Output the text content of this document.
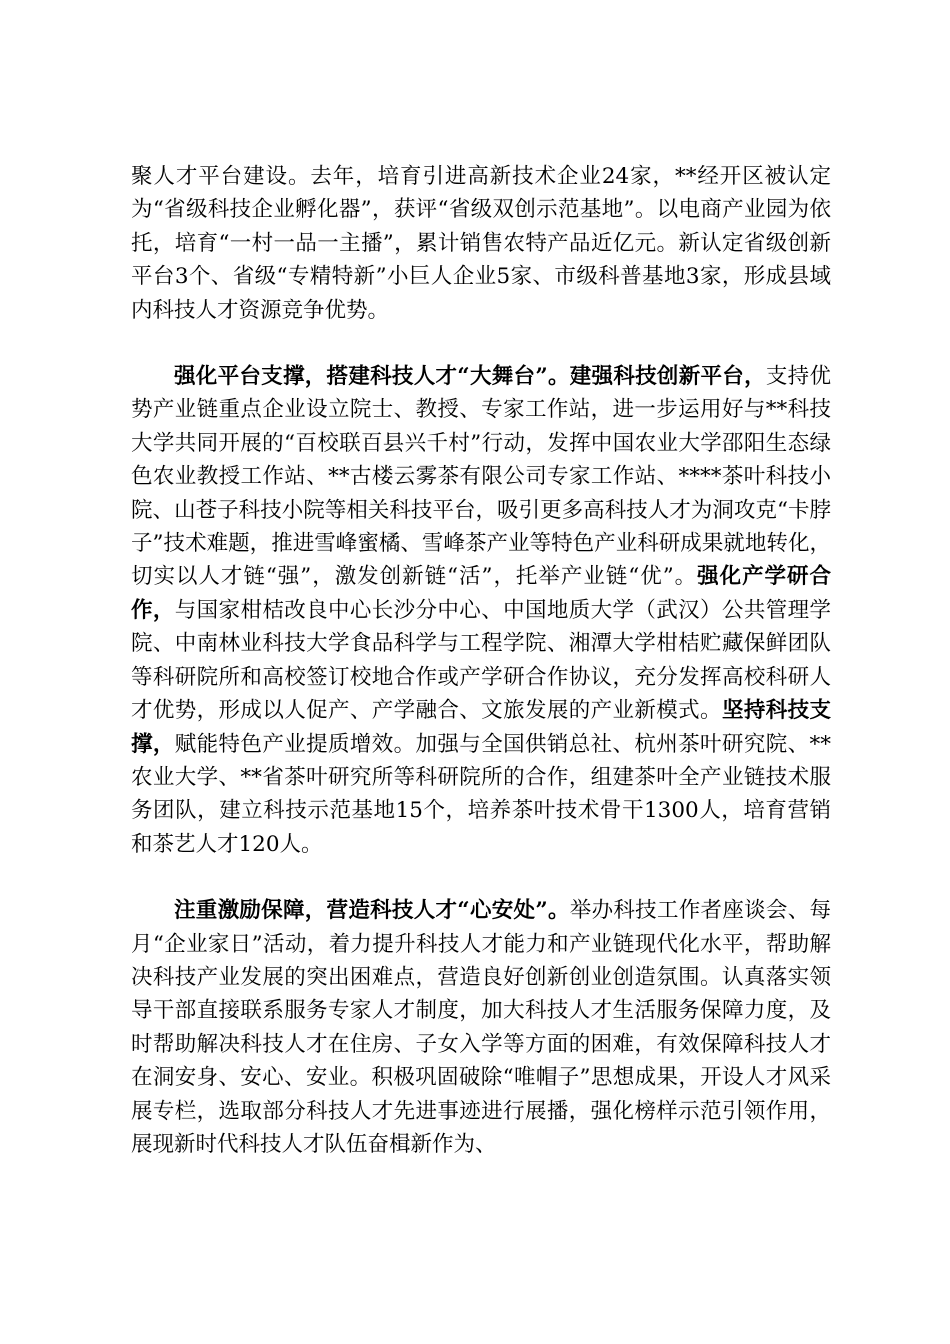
聚人才平台建设。去年，培育引进高新技术企业24家，**经开区被认定为“省级科技企业孵化器”，获评“省级双创示范基地”。以电商产业园为依托，培育“一村一品一主播”，累计销售农特产品近亿元。新认定省级创新平台3个、省级“专精特新”小巨人企业5家、市级科普基地3家，形成县域内科技人才资源竞争优势。

强化平台支撑，搭建科技人才“大舞台”。建强科技创新平台，支持优势产业链重点企业设立院士、教授、专家工作站，进一步运用好与**科技大学共同开展的“百校联百县兴千村”行动，发挥中国农业大学邵阳生态绿色农业教授工作站、**古楼云雾茶有限公司专家工作站、****茶叶科技小院、山苍子科技小院等相关科技平台，吸引更多高科技人才为洞攻克“卡脖子”技术难题，推进雪峰蜜橘、雪峰茶产业等特色产业科研成果就地转化，切实以人才链“强”，激发创新链“活”，托举产业链“优”。强化产学研合作，与国家柑桔改良中心长沙分中心、中国地质大学（武汉）公共管理学院、中南林业科技大学食品科学与工程学院、湘潭大学柑桔贮藏保鲜团队等科研院所和高校签订校地合作或产学研合作协议，充分发挥高校科研人才优势，形成以人促产、产学融合、文旅发展的产业新模式。坚持科技支撑，赋能特色产业提质增效。加强与全国供销总社、杭州茶叶研究院、**农业大学、**省茶叶研究所等科研院所的合作，组建茶叶全产业链技术服务团队，建立科技示范基地15个，培养茶叶技术骨干1300人，培育营销和茶艺人才120人。

注重激励保障，营造科技人才“心安处”。举办科技工作者座谈会、每月“企业家日”活动，着力提升科技人才能力和产业链现代化水平，帮助解决科技产业发展的突出困难点，营造良好创新创业创造氛围。认真落实领导干部直接联系服务专家人才制度，加大科技人才生活服务保障力度，及时帮助解决科技人才在住房、子女入学等方面的困难，有效保障科技人才在洞安身、安心、安业。积极巩固破除“唯帽子”思想成果，开设人才风采展专栏，选取部分科技人才先进事迹进行展播，强化榜样示范引领作用，展现新时代科技人才队伍奋楫新作为、
